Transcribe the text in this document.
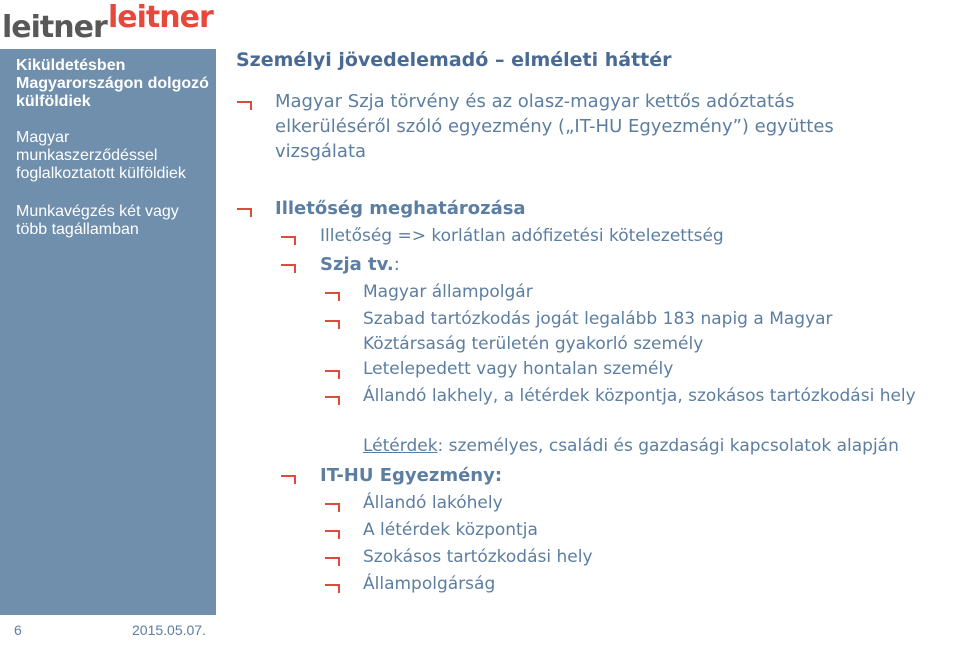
leitner leitner
Kiküldetésben Magyarországon dolgozó külföldiek
Magyar munkaszerződéssel foglalkoztatott külföldiek
Munkavégzés két vagy több tagállamban
Személyi jövedelemadó – elméleti háttér
Magyar Szja törvény és az olasz-magyar kettős adóztatás elkerüléséről szóló egyezmény („IT-HU Egyezmény”) együttes vizsgálata
Illetőség meghatározása
Illetőség => korlátlan adófizetési kötelezettség
Szja tv.:
Magyar állampolgár
Szabad tartózkodás jogát legalább 183 napig a Magyar Köztársaság területén gyakorló személy
Letelepedett vagy hontalan személy
Állandó lakhely, a létérdek központja, szokásos tartózkodási hely
Létérdek: személyes, családi és gazdasági kapcsolatok alapján
IT-HU Egyezmény:
Állandó lakóhely
A létérdek központja
Szokásos tartózkodási hely
Állampolgárság
6	2015.05.07.
